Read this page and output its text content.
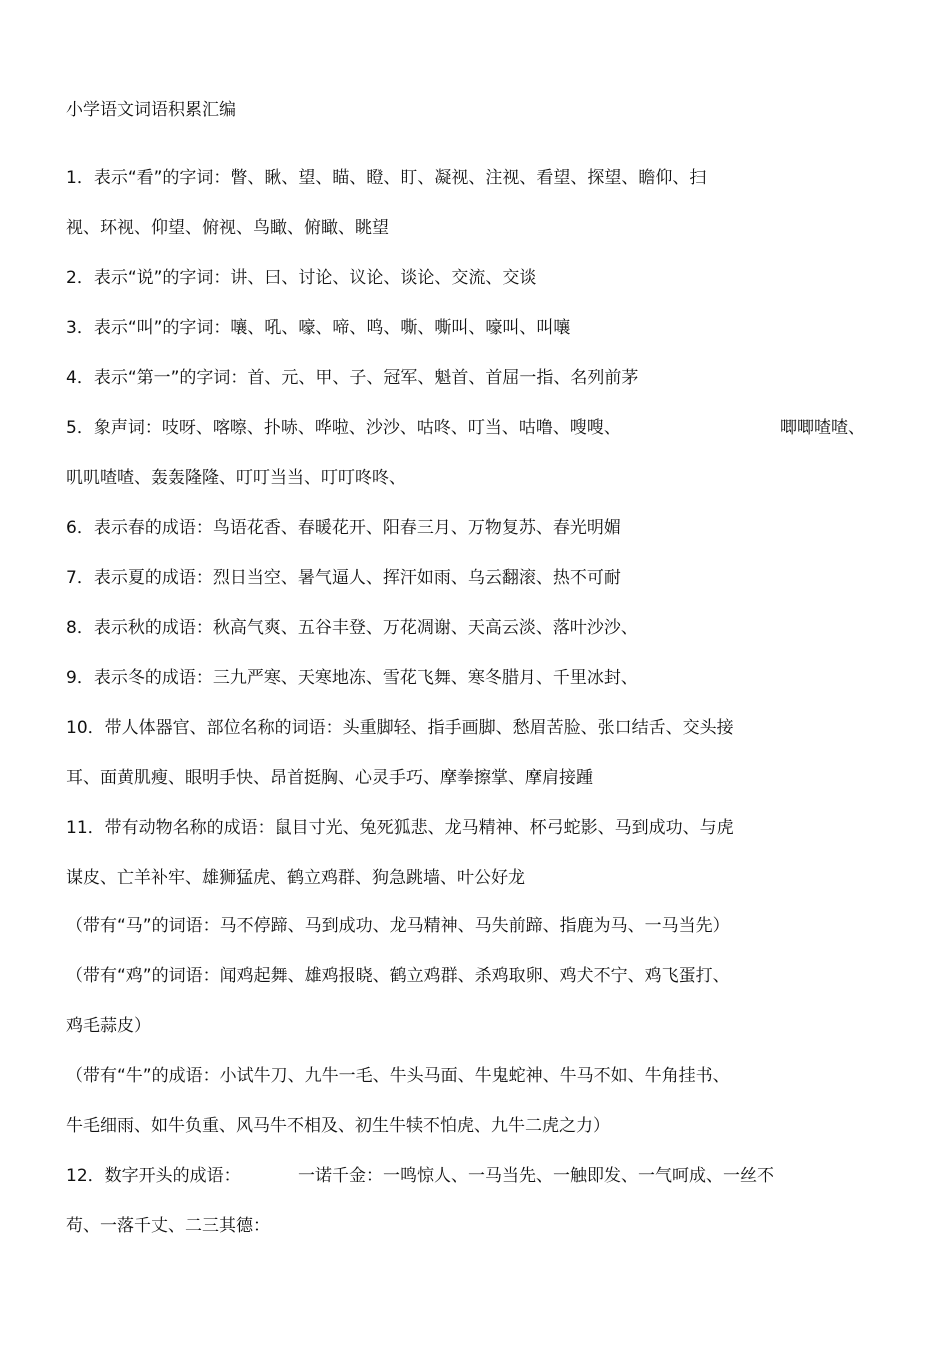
小学语文词语积累汇编
1．表示“看”的字词：瞥、瞅、望、瞄、瞪、盯、凝视、注视、看望、探望、瞻仰、扫
视、环视、仰望、俯视、鸟瞰、俯瞰、眺望
2．表示“说”的字词：讲、曰、讨论、议论、谈论、交流、交谈
3．表示“叫”的字词：嚷、吼、嚎、啼、鸣、嘶、嘶叫、嚎叫、叫嚷
4．表示“第一”的字词：首、元、甲、子、冠军、魁首、首屈一指、名列前茅
5．象声词：吱呀、喀嚓、扑哧、哗啦、沙沙、咕咚、叮当、咕噜、嗖嗖、	唧唧喳喳、
叽叽喳喳、轰轰隆隆、叮叮当当、叮叮咚咚、
6．表示春的成语：鸟语花香、春暖花开、阳春三月、万物复苏、春光明媚
7．表示夏的成语：烈日当空、暑气逼人、挥汗如雨、乌云翻滚、热不可耐
8．表示秋的成语：秋高气爽、五谷丰登、万花凋谢、天高云淡、落叶沙沙、
9．表示冬的成语：三九严寒、天寒地冻、雪花飞舞、寒冬腊月、千里冰封、
10．带人体器官、部位名称的词语：头重脚轻、指手画脚、愁眉苦脸、张口结舌、交头接
耳、面黄肌瘦、眼明手快、昂首挺胸、心灵手巧、摩拳擦掌、摩肩接踵
11．带有动物名称的成语：鼠目寸光、兔死狐悲、龙马精神、杯弓蛇影、马到成功、与虎
谋皮、亡羊补牢、雄狮猛虎、鹤立鸡群、狗急跳墙、叶公好龙
（带有“马”的词语：马不停蹄、马到成功、龙马精神、马失前蹄、指鹿为马、一马当先）
（带有“鸡”的词语：闻鸡起舞、雄鸡报晓、鹤立鸡群、杀鸡取卵、鸡犬不宁、鸡飞蛋打、
鸡毛蒜皮）
（带有“牛”的成语：小试牛刀、九牛一毛、牛头马面、牛鬼蛇神、牛马不如、牛角挂书、
牛毛细雨、如牛负重、风马牛不相及、初生牛犊不怕虎、九牛二虎之力）
12．数字开头的成语：	一诺千金：一鸣惊人、一马当先、一触即发、一气呵成、一丝不
苟、一落千丈、二三其德：
